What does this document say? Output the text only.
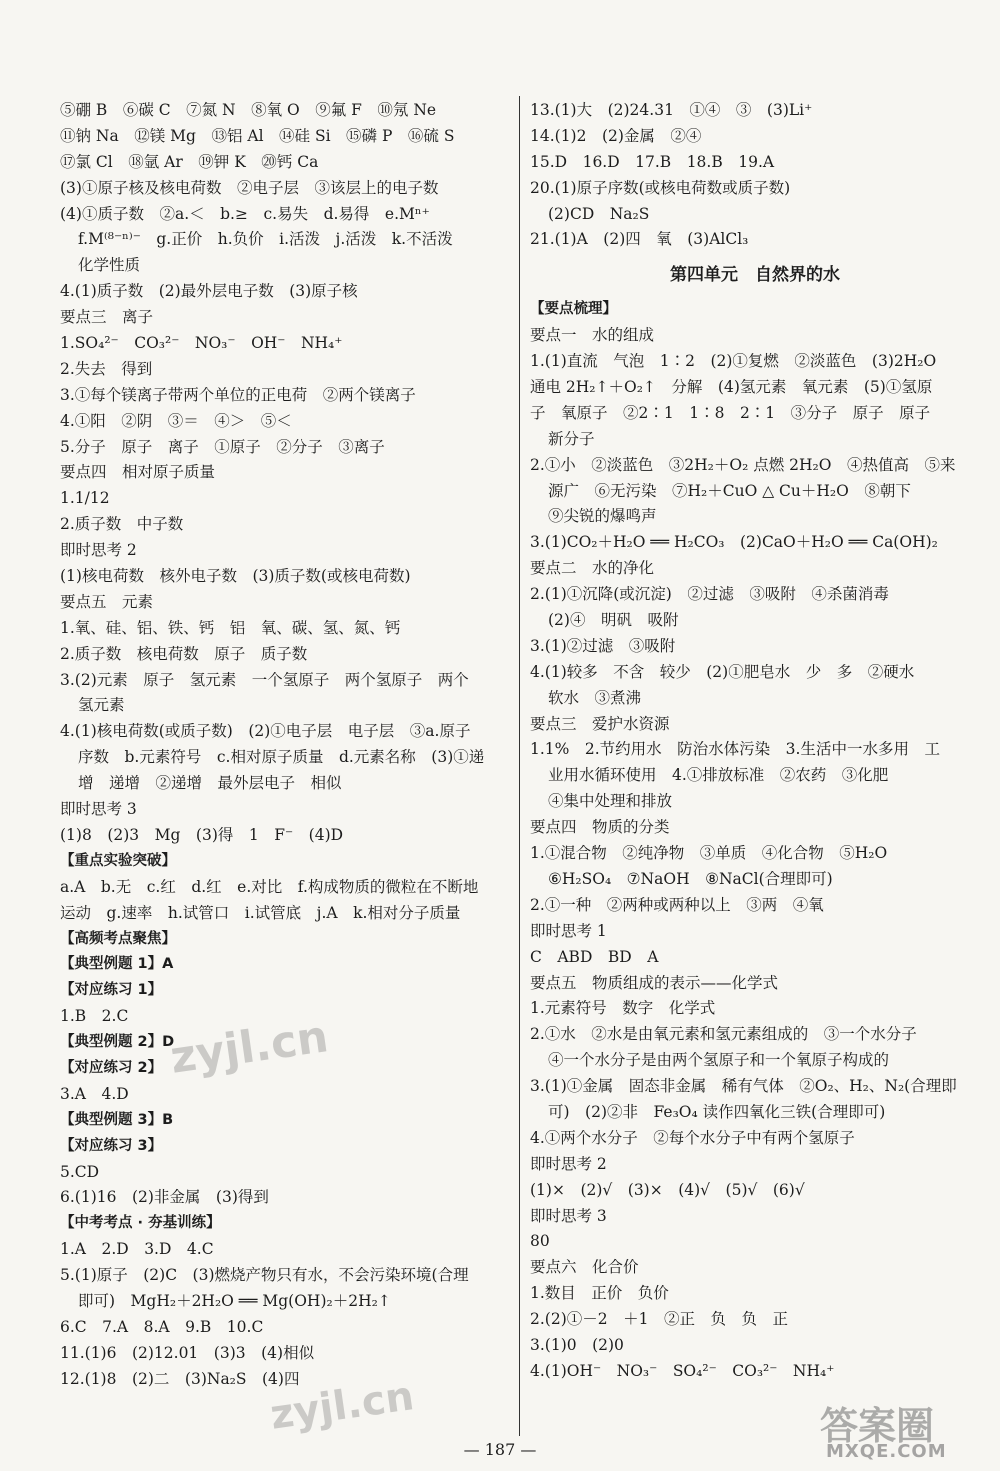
⑤硼 B　⑥碳 C　⑦氮 N　⑧氧 O　⑨氟 F　⑩氖 Ne
⑪钠 Na　⑫镁 Mg　⑬铝 Al　⑭硅 Si　⑮磷 P　⑯硫 S
⑰氯 Cl　⑱氩 Ar　⑲钾 K　⑳钙 Ca
(3)①原子核及核电荷数　②电子层　③该层上的电子数
(4)①质子数　②a.＜　b.≥　c.易失　d.易得　e.Mⁿ⁺
f.M⁽⁸⁻ⁿ⁾⁻　g.正价　h.负价　i.活泼　j.活泼　k.不活泼
化学性质
4.(1)质子数　(2)最外层电子数　(3)原子核
要点三　离子
1.SO₄²⁻　CO₃²⁻　NO₃⁻　OH⁻　NH₄⁺
2.失去　得到
3.①每个镁离子带两个单位的正电荷　②两个镁离子
4.①阳　②阴　③＝　④＞　⑤＜
5.分子　原子　离子　①原子　②分子　③离子
要点四　相对原子质量
1.1/12
2.质子数　中子数
即时思考 2
(1)核电荷数　核外电子数　(3)质子数(或核电荷数)
要点五　元素
1.氧、硅、铝、铁、钙　铝　氧、碳、氢、氮、钙
2.质子数　核电荷数　原子　质子数
3.(2)元素　原子　氢元素　一个氢原子　两个氢原子　两个
氢元素
4.(1)核电荷数(或质子数)　(2)①电子层　电子层　③a.原子
序数　b.元素符号　c.相对原子质量　d.元素名称　(3)①递
增　递增　②递增　最外层电子　相似
即时思考 3
(1)8　(2)3　Mg　(3)得　1　F⁻　(4)D
【重点实验突破】
a.A　b.无　c.红　d.红　e.对比　f.构成物质的微粒在不断地
运动　g.速率　h.试管口　i.试管底　j.A　k.相对分子质量
【高频考点聚焦】
【典型例题 1】A
【对应练习 1】
1.B　2.C
【典型例题 2】D
【对应练习 2】
3.A　4.D
【典型例题 3】B
【对应练习 3】
5.CD
6.(1)16　(2)非金属　(3)得到
【中考考点 · 夯基训练】
1.A　2.D　3.D　4.C
5.(1)原子　(2)C　(3)燃烧产物只有水，不会污染环境(合理
即可)　MgH₂＋2H₂O ══ Mg(OH)₂＋2H₂↑
6.C　7.A　8.A　9.B　10.C
11.(1)6　(2)12.01　(3)3　(4)相似
12.(1)8　(2)二　(3)Na₂S　(4)四
13.(1)大　(2)24.31　①④　③　(3)Li⁺
14.(1)2　(2)金属　②④
15.D　16.D　17.B　18.B　19.A
20.(1)原子序数(或核电荷数或质子数)
(2)CD　Na₂S
21.(1)A　(2)四　氧　(3)AlCl₃
第四单元　自然界的水
【要点梳理】
要点一　水的组成
1.(1)直流　气泡　1∶2　(2)①复燃　②淡蓝色　(3)2H₂O
通电 2H₂↑＋O₂↑　分解　(4)氢元素　氧元素　(5)①氢原
子　氧原子　②2∶1　1∶8　2∶1　③分子　原子　原子
新分子
2.①小　②淡蓝色　③2H₂＋O₂ 点燃 2H₂O　④热值高　⑤来
源广　⑥无污染　⑦H₂＋CuO △ Cu＋H₂O　⑧朝下
⑨尖锐的爆鸣声
3.(1)CO₂＋H₂O ══ H₂CO₃　(2)CaO＋H₂O ══ Ca(OH)₂
要点二　水的净化
2.(1)①沉降(或沉淀)　②过滤　③吸附　④杀菌消毒
(2)④　明矾　吸附
3.(1)②过滤　③吸附
4.(1)较多　不含　较少　(2)①肥皂水　少　多　②硬水
软水　③煮沸
要点三　爱护水资源
1.1%　2.节约用水　防治水体污染　3.生活中一水多用　工
业用水循环使用　4.①排放标准　②农药　③化肥
④集中处理和排放
要点四　物质的分类
1.①混合物　②纯净物　③单质　④化合物　⑤H₂O
⑥H₂SO₄　⑦NaOH　⑧NaCl(合理即可)
2.①一种　②两种或两种以上　③两　④氧
即时思考 1
C　ABD　BD　A
要点五　物质组成的表示——化学式
1.元素符号　数字　化学式
2.①水　②水是由氧元素和氢元素组成的　③一个水分子
④一个水分子是由两个氢原子和一个氧原子构成的
3.(1)①金属　固态非金属　稀有气体　②O₂、H₂、N₂(合理即
可)　(2)②非　Fe₃O₄ 读作四氧化三铁(合理即可)
4.①两个水分子　②每个水分子中有两个氢原子
即时思考 2
(1)×　(2)√　(3)×　(4)√　(5)√　(6)√
即时思考 3
80
要点六　化合价
1.数目　正价　负价
2.(2)①－2　＋1　②正　负　负　正
3.(1)0　(2)0
4.(1)OH⁻　NO₃⁻　SO₄²⁻　CO₃²⁻　NH₄⁺
— 187 —
zyjl.cn
zyjl.cn	答案圈
MXQE.COM
